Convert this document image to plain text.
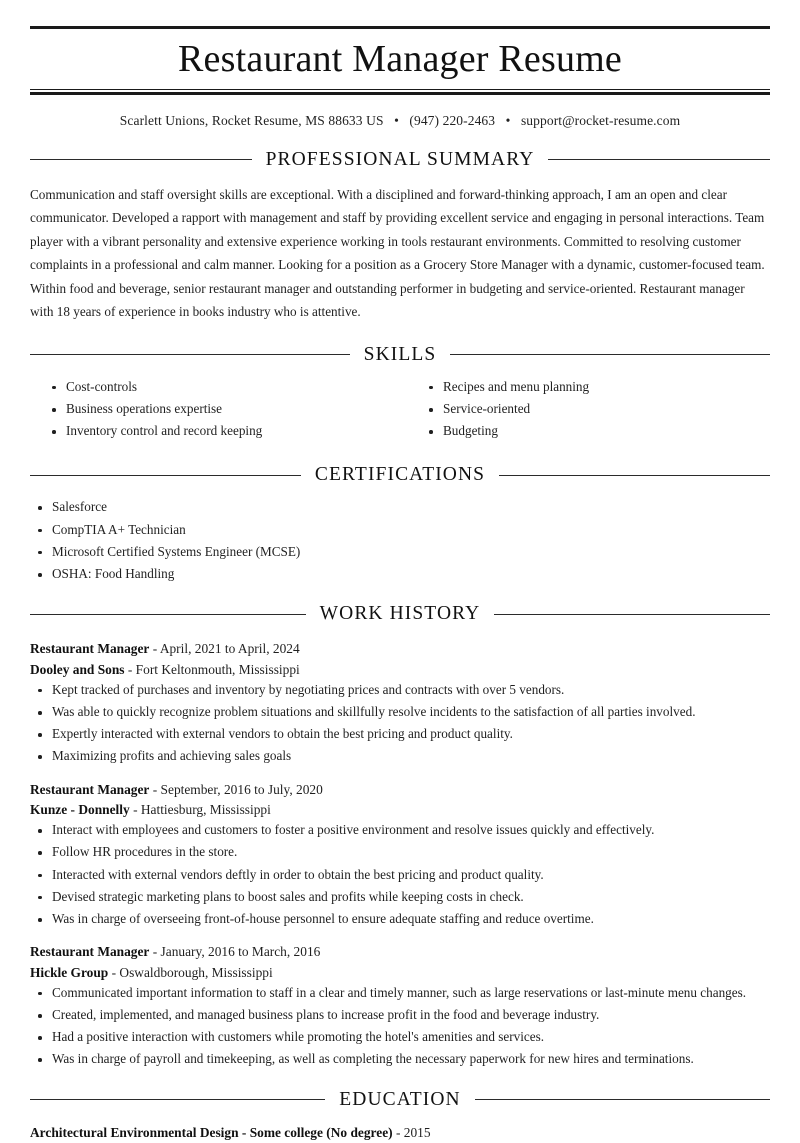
Restaurant Manager Resume
Scarlett Unions, Rocket Resume, MS 88633 US • (947) 220-2463 • support@rocket-resume.com
PROFESSIONAL SUMMARY

Communication and staff oversight skills are exceptional. With a disciplined and forward-thinking approach, I am an open and clear communicator. Developed a rapport with management and staff by providing excellent service and engaging in personal interactions. Team player with a vibrant personality and extensive experience working in tools restaurant environments. Committed to resolving customer complaints in a professional and calm manner. Looking for a position as a Grocery Store Manager with a dynamic, customer-focused team. Within food and beverage, senior restaurant manager and outstanding performer in budgeting and service-oriented. Restaurant manager with 18 years of experience in books industry who is attentive.

SKILLS
Cost-controls
Business operations expertise
Inventory control and record keeping
Recipes and menu planning
Service-oriented
Budgeting
CERTIFICATIONS
Salesforce
CompTIA A+ Technician
Microsoft Certified Systems Engineer (MCSE)
OSHA: Food Handling
WORK HISTORY
Restaurant Manager - April, 2021 to April, 2024
Dooley and Sons - Fort Keltonmouth, Mississippi
Kept tracked of purchases and inventory by negotiating prices and contracts with over 5 vendors.
Was able to quickly recognize problem situations and skillfully resolve incidents to the satisfaction of all parties involved.
Expertly interacted with external vendors to obtain the best pricing and product quality.
Maximizing profits and achieving sales goals
Restaurant Manager - September, 2016 to July, 2020
Kunze - Donnelly - Hattiesburg, Mississippi
Interact with employees and customers to foster a positive environment and resolve issues quickly and effectively.
Follow HR procedures in the store.
Interacted with external vendors deftly in order to obtain the best pricing and product quality.
Devised strategic marketing plans to boost sales and profits while keeping costs in check.
Was in charge of overseeing front-of-house personnel to ensure adequate staffing and reduce overtime.
Restaurant Manager - January, 2016 to March, 2016
Hickle Group - Oswaldborough, Mississippi
Communicated important information to staff in a clear and timely manner, such as large reservations or last-minute menu changes.
Created, implemented, and managed business plans to increase profit in the food and beverage industry.
Had a positive interaction with customers while promoting the hotel's amenities and services.
Was in charge of payroll and timekeeping, as well as completing the necessary paperwork for new hires and terminations.
EDUCATION
Architectural Environmental Design - Some college (No degree) - 2015
